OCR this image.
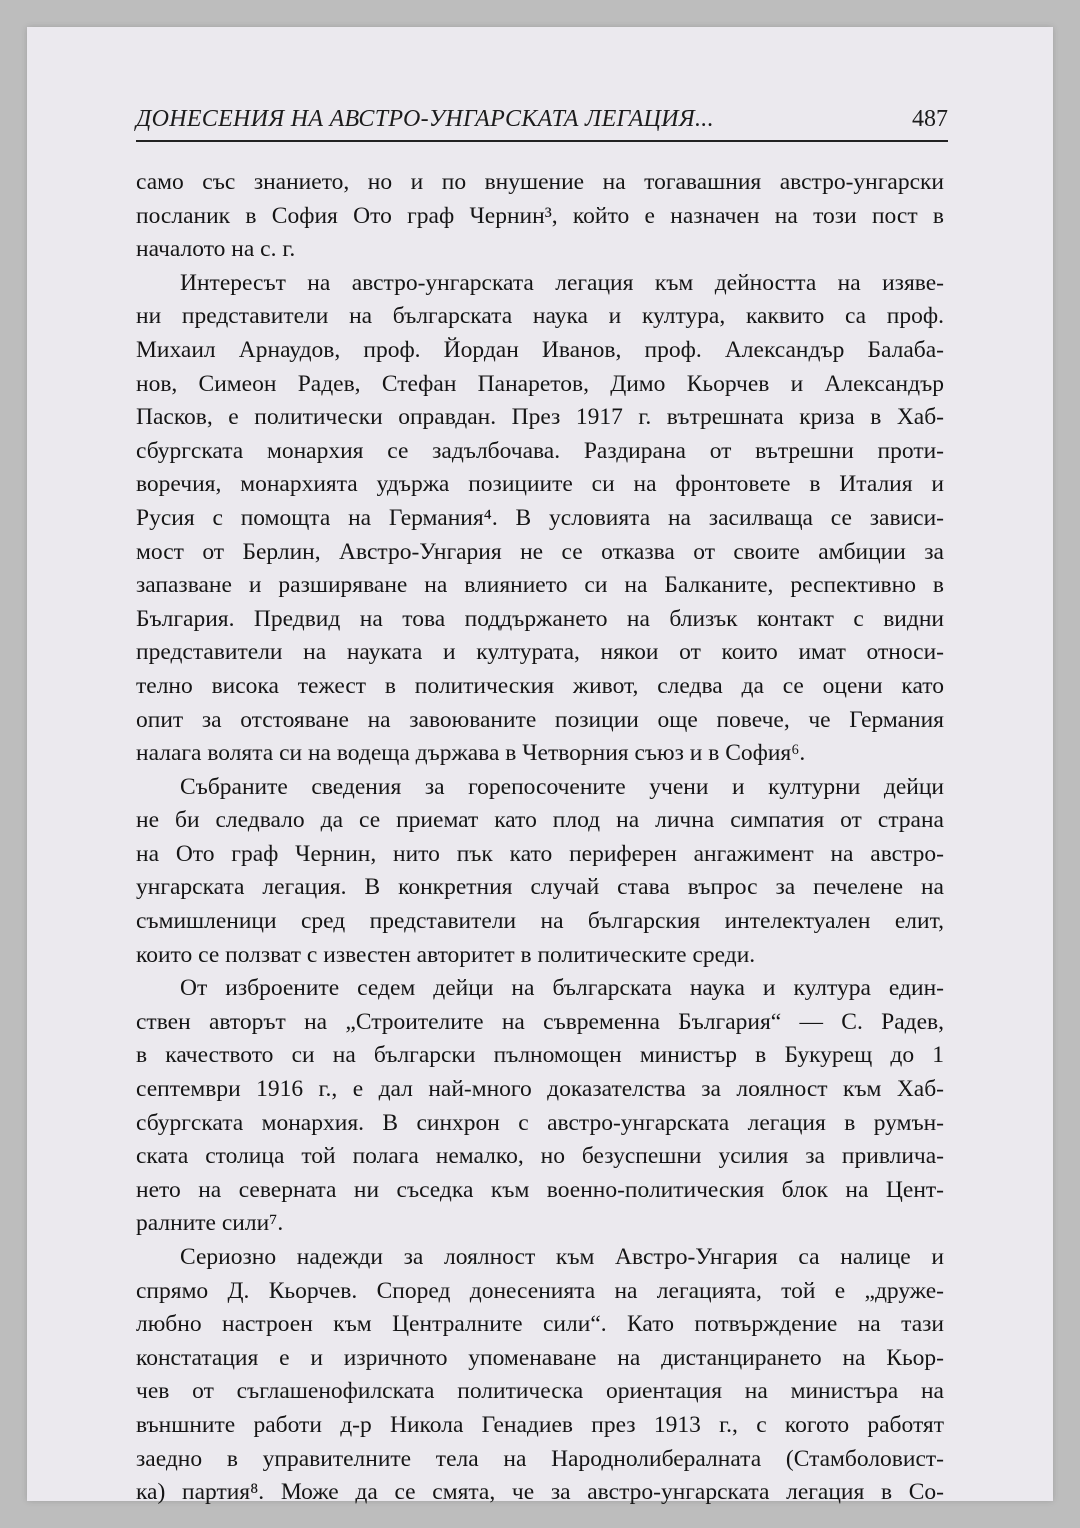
ДОНЕСЕНИЯ НА АВСТРО-УНГАРСКАТА ЛЕГАЦИЯ...	487
само със знанието, но и по внушение на тогавашния австро-унгарски
посланик в София Ото граф Чернин³, който е назначен на този пост в
началото на с. г.
Интересът на австро-унгарската легация към дейността на изяве-
ни представители на българската наука и култура, каквито са проф.
Михаил Арнаудов, проф. Йордан Иванов, проф. Александър Балаба-
нов, Симеон Радев, Стефан Панаретов, Димо Кьорчев и Александър
Пасков, е политически оправдан. През 1917 г. вътрешната криза в Хаб-
сбургската монархия се задълбочава. Раздирана от вътрешни проти-
воречия, монархията удържа позициите си на фронтовете в Италия и
Русия с помощта на Германия⁴. В условията на засилваща се зависи-
мост от Берлин, Австро-Унгария не се отказва от своите амбиции за
запазване и разширяване на влиянието си на Балканите, респективно в
България. Предвид на това поддържането на близък контакт с видни
представители на науката и културата, някои от които имат относи-
телно висока тежест в политическия живот, следва да се оцени като
опит за отстояване на завоюваните позиции още повече, че Германия
налага волята си на водеща държава в Четворния съюз и в София⁶.
Събраните сведения за горепосочените учени и културни дейци
не би следвало да се приемат като плод на лична симпатия от страна
на Ото граф Чернин, нито пък като периферен ангажимент на австро-
унгарската легация. В конкретния случай става въпрос за печелене на
съмишленици сред представители на българския интелектуален елит,
които се ползват с известен авторитет в политическите среди.
От изброените седем дейци на българската наука и култура един-
ствен авторът на „Строителите на съвременна България“ — С. Радев,
в качеството си на български пълномощен министър в Букурещ до 1
септември 1916 г., е дал най-много доказателства за лоялност към Хаб-
сбургската монархия. В синхрон с австро-унгарската легация в румън-
ската столица той полага немалко, но безуспешни усилия за привлича-
нето на северната ни съседка към военно-политическия блок на Цент-
ралните сили⁷.
Сериозно надежди за лоялност към Австро-Унгария са налице и
спрямо Д. Кьорчев. Според донесенията на легацията, той е „друже-
любно настроен към Централните сили“. Като потвърждение на тази
констатация е и изричното упоменаване на дистанцирането на Кьор-
чев от съглашенофилската политическа ориентация на министъра на
външните работи д-р Никола Генадиев през 1913 г., с когото работят
заедно в управителните тела на Народнолибералната (Стамболовист-
ка) партия⁸. Може да се смята, че за австро-унгарската легация в Со-
